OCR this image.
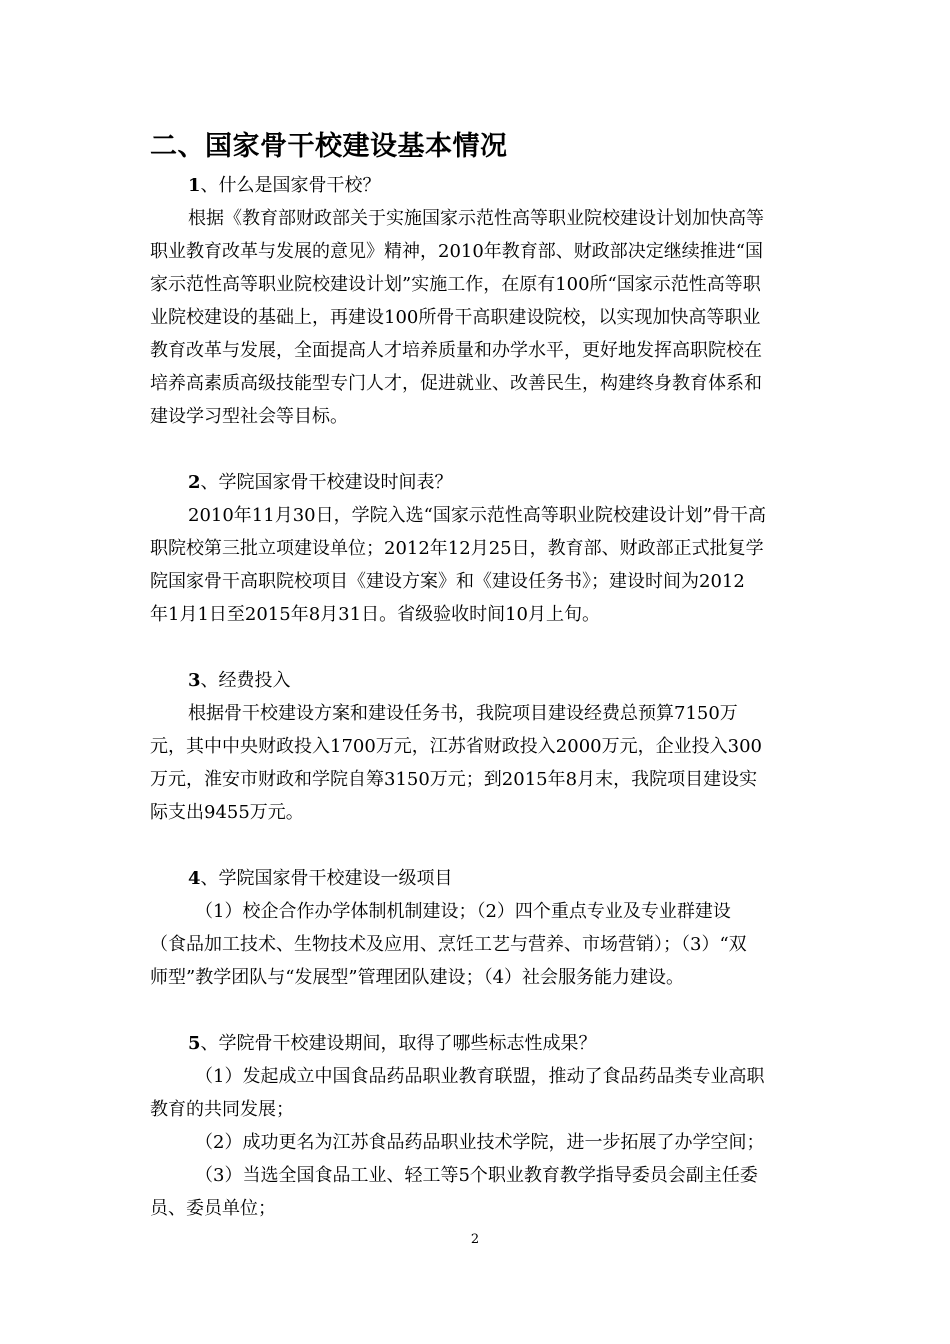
二、国家骨干校建设基本情况
1、什么是国家骨干校？
根据《教育部财政部关于实施国家示范性高等职业院校建设计划加快高等
职业教育改革与发展的意见》精神，2010年教育部、财政部决定继续推进“国
家示范性高等职业院校建设计划”实施工作，在原有100所“国家示范性高等职
业院校建设的基础上，再建设100所骨干高职建设院校，以实现加快高等职业
教育改革与发展，全面提高人才培养质量和办学水平，更好地发挥高职院校在
培养高素质高级技能型专门人才，促进就业、改善民生，构建终身教育体系和
建设学习型社会等目标。
2、学院国家骨干校建设时间表？
2010年11月30日，学院入选“国家示范性高等职业院校建设计划”骨干高
职院校第三批立项建设单位；2012年12月25日，教育部、财政部正式批复学
院国家骨干高职院校项目《建设方案》和《建设任务书》；建设时间为2012
年1月1日至2015年8月31日。省级验收时间10月上旬。
3、经费投入
根据骨干校建设方案和建设任务书，我院项目建设经费总预算7150万
元，其中中央财政投入1700万元，江苏省财政投入2000万元，企业投入300
万元，淮安市财政和学院自筹3150万元；到2015年8月末，我院项目建设实
际支出9455万元。
4、学院国家骨干校建设一级项目
（1）校企合作办学体制机制建设；（2）四个重点专业及专业群建设
（食品加工技术、生物技术及应用、烹饪工艺与营养、市场营销）；（3）“双
师型”教学团队与“发展型”管理团队建设；（4）社会服务能力建设。
5、学院骨干校建设期间，取得了哪些标志性成果？
（1）发起成立中国食品药品职业教育联盟，推动了食品药品类专业高职
教育的共同发展；
（2）成功更名为江苏食品药品职业技术学院，进一步拓展了办学空间；
（3）当选全国食品工业、轻工等5个职业教育教学指导委员会副主任委
员、委员单位；
2
